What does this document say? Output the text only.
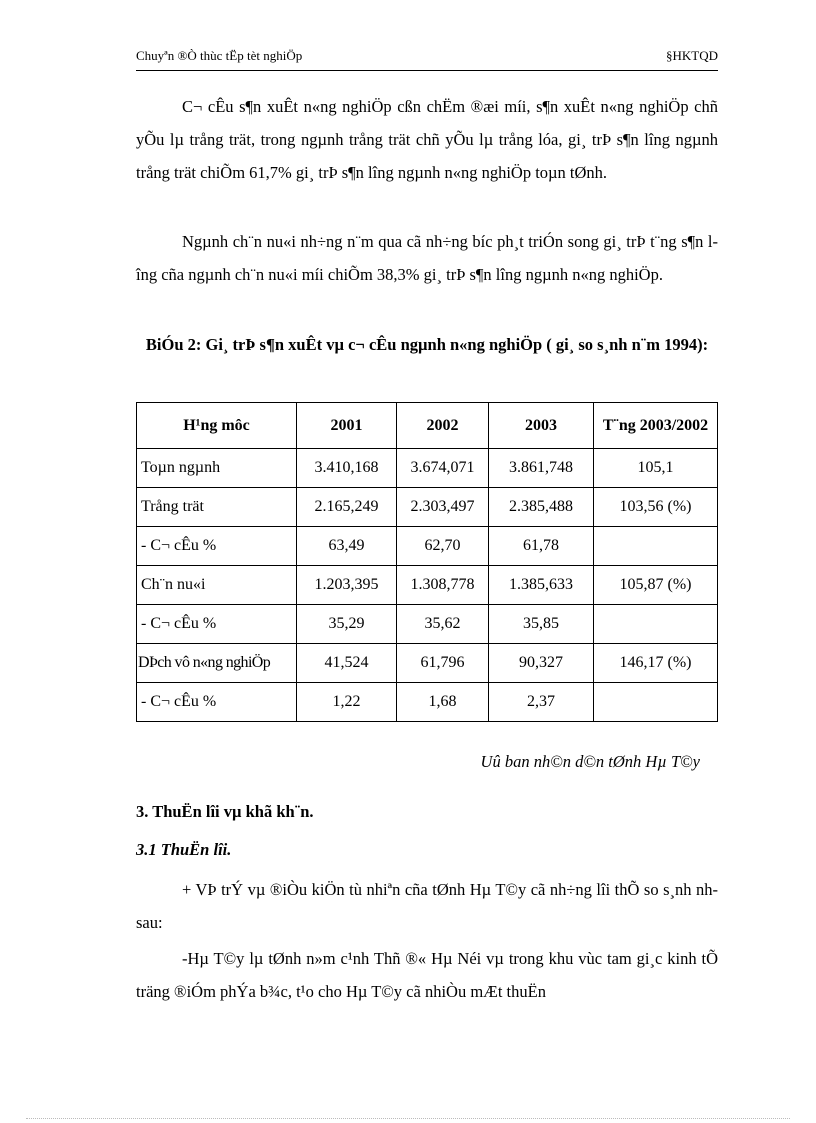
Chuyªn ®Ò thùc tËp tèt nghiÖp	§HKTQD

C¬ cÊu s¶n xuÊt n«ng nghiÖp cßn chËm ®æi míi, s¶n xuÊt n«ng nghiÖp chñ yÕu lµ trång trät, trong ngµnh trång trät chñ yÕu lµ trång lóa, gi¸ trÞ s¶n lîng ngµnh trång trät chiÕm 61,7% gi¸ trÞ s¶n lîng ngµnh n«ng nghiÖp toµn tØnh.

Ngµnh ch¨n nu«i nh÷ng n¨m qua cã nh÷ng bíc ph¸t triÓn song gi¸ trÞ t¨ng s¶n lîng cña ngµnh ch¨n nu«i míi chiÕm 38,3% gi¸ trÞ s¶n lîng ngµnh n«ng nghiÖp.

BiÓu 2: Gi¸ trÞ s¶n xuÊt vµ c¬ cÊu ngµnh n«ng nghiÖp ( gi¸ so s¸nh n¨m 1994):

H¹ng môc	2001	2002	2003	T¨ng 2003/2002
Toµn ngµnh	3.410,168	3.674,071	3.861,748	105,1
Trång trät	2.165,249	2.303,497	2.385,488	103,56 (%)
- C¬ cÊu %	63,49	62,70	61,78	
Ch¨n nu«i	1.203,395	1.308,778	1.385,633	105,87 (%)
- C¬ cÊu %	35,29	35,62	35,85	
DÞch vô n«ng nghiÖp	41,524	61,796	90,327	146,17 (%)
- C¬ cÊu %	1,22	1,68	2,37	
Uû ban nh©n d©n tØnh Hµ T©y

3. ThuËn lîi vµ khã kh¨n.

3.1 ThuËn lîi.

+ VÞ trÝ vµ ®iÒu kiÖn tù nhiªn cña tØnh Hµ T©y cã nh÷ng lîi thÕ so s¸nh nh sau:

-Hµ T©y lµ tØnh n»m c¹nh Thñ ®« Hµ Néi vµ trong khu vùc tam gi¸c kinh tÕ träng ®iÓm phÝa b¾c, t¹o cho Hµ T©y cã nhiÒu mÆt thuËn
